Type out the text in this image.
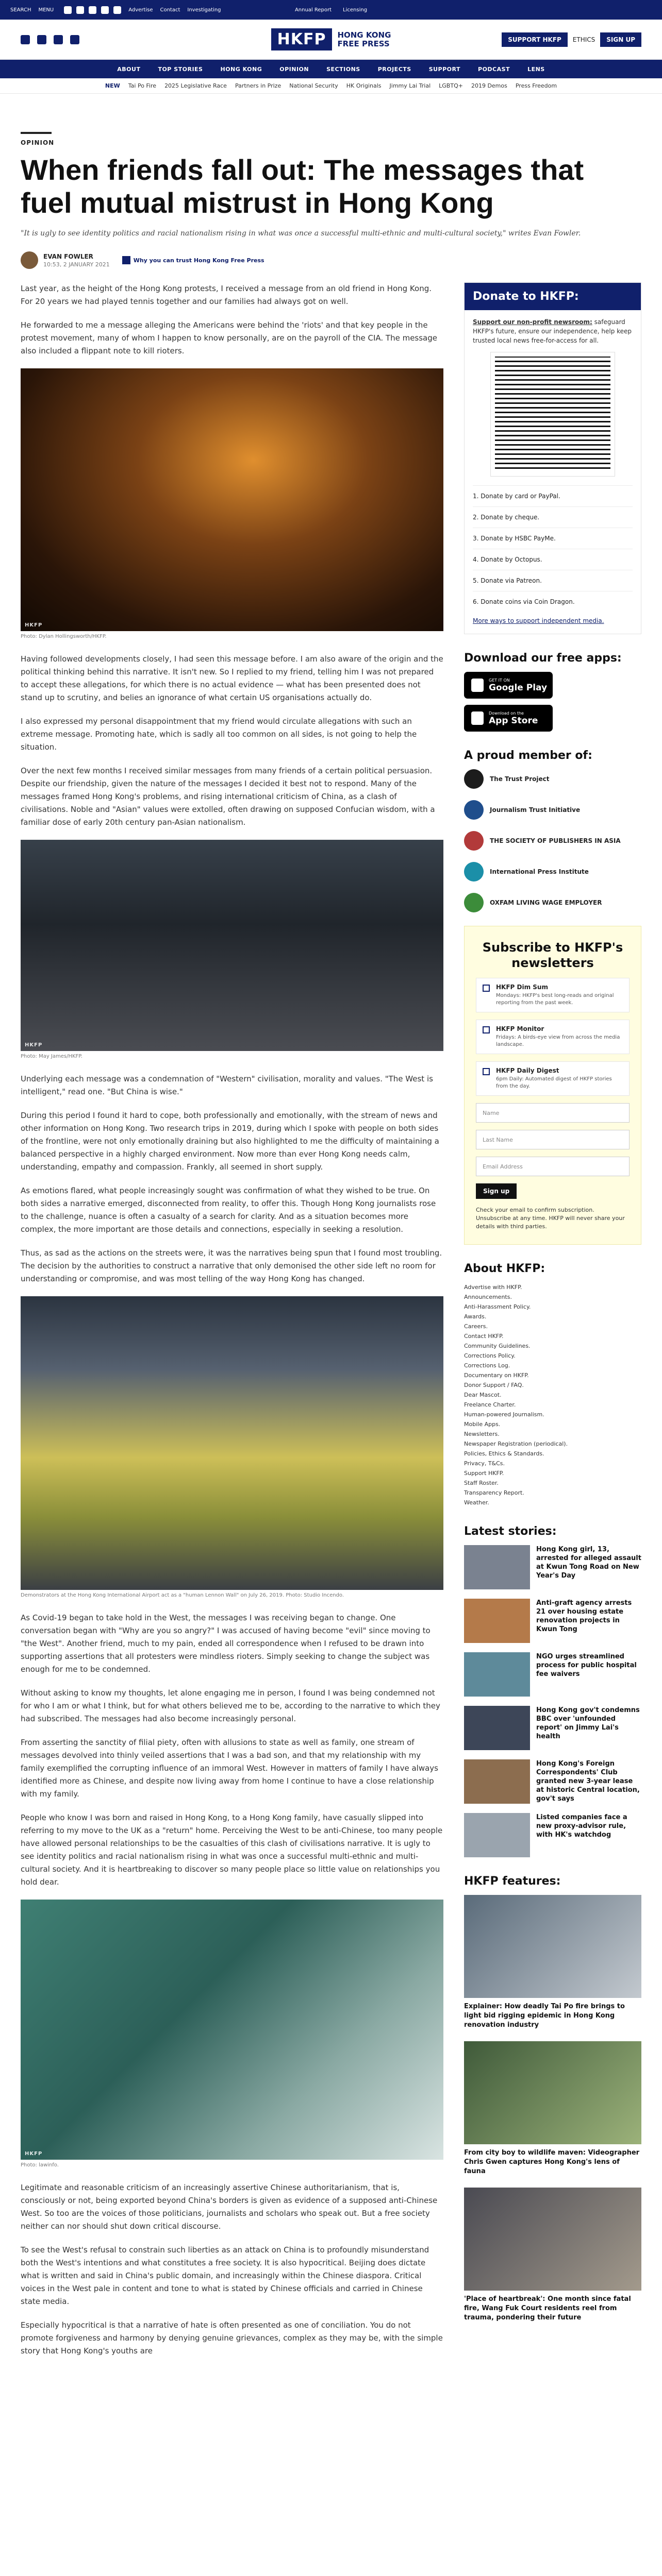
SEARCH MENU	Advertise Contact Investigating	Annual Report Licensing
HKFP	HONG KONG
FREE PRESS	SUPPORT HKFP	ETHICS	SIGN UP
ABOUT	TOP STORIES	HONG KONG	OPINION	SECTIONS	PROJECTS	SUPPORT	PODCAST	LENS
NEW Tai Po Fire 2025 Legislative Race Partners in Prize National Security HK Originals Jimmy Lai Trial LGBTQ+ 2019 Demos Press Freedom
OPINION
When friends fall out: The messages that fuel mutual mistrust in Hong Kong
"It is ugly to see identity politics and racial nationalism rising in what was once a successful multi-ethnic and multi-cultural society," writes Evan Fowler.
EVAN FOWLER
10:53, 2 JANUARY 2021
Why you can trust Hong Kong Free Press

Last year, as the height of the Hong Kong protests, I received a message from an old friend in Hong Kong. For 20 years we had played tennis together and our families had always got on well.

He forwarded to me a message alleging the Americans were behind the 'riots' and that key people in the protest movement, many of whom I happen to know personally, are on the payroll of the CIA. The message also included a flippant note to kill rioters.

HKFP
Photo: Dylan Hollingsworth/HKFP.

Having followed developments closely, I had seen this message before. I am also aware of the origin and the political thinking behind this narrative. It isn't new. So I replied to my friend, telling him I was not prepared to accept these allegations, for which there is no actual evidence — what has been presented does not stand up to scrutiny, and belies an ignorance of what certain US organisations actually do.

I also expressed my personal disappointment that my friend would circulate allegations with such an extreme message. Promoting hate, which is sadly all too common on all sides, is not going to help the situation.

Over the next few months I received similar messages from many friends of a certain political persuasion. Despite our friendship, given the nature of the messages I decided it best not to respond. Many of the messages framed Hong Kong's problems, and rising international criticism of China, as a clash of civilisations. Noble and "Asian" values were extolled, often drawing on supposed Confucian wisdom, with a familiar dose of early 20th century pan-Asian nationalism.

HKFP
Photo: May James/HKFP.

Underlying each message was a condemnation of "Western" civilisation, morality and values. "The West is intelligent," read one. "But China is wise."

During this period I found it hard to cope, both professionally and emotionally, with the stream of news and other information on Hong Kong. Two research trips in 2019, during which I spoke with people on both sides of the frontline, were not only emotionally draining but also highlighted to me the difficulty of maintaining a balanced perspective in a highly charged environment. Now more than ever Hong Kong needs calm, understanding, empathy and compassion. Frankly, all seemed in short supply.

As emotions flared, what people increasingly sought was confirmation of what they wished to be true. On both sides a narrative emerged, disconnected from reality, to offer this. Though Hong Kong journalists rose to the challenge, nuance is often a casualty of a search for clarity. And as a situation becomes more complex, the more important are those details and connections, especially in seeking a resolution.

Thus, as sad as the actions on the streets were, it was the narratives being spun that I found most troubling. The decision by the authorities to construct a narrative that only demonised the other side left no room for understanding or compromise, and was most telling of the way Hong Kong has changed.

Demonstrators at the Hong Kong International Airport act as a "human Lennon Wall" on July 26, 2019. Photo: Studio Incendo.

As Covid-19 began to take hold in the West, the messages I was receiving began to change. One conversation began with "Why are you so angry?" I was accused of having become "evil" since moving to "the West". Another friend, much to my pain, ended all correspondence when I refused to be drawn into supporting assertions that all protesters were mindless rioters. Simply seeking to change the subject was enough for me to be condemned.

Without asking to know my thoughts, let alone engaging me in person, I found I was being condemned not for who I am or what I think, but for what others believed me to be, according to the narrative to which they had subscribed. The messages had also become increasingly personal.

From asserting the sanctity of filial piety, often with allusions to state as well as family, one stream of messages devolved into thinly veiled assertions that I was a bad son, and that my relationship with my family exemplified the corrupting influence of an immoral West. However in matters of family I have always identified more as Chinese, and despite now living away from home I continue to have a close relationship with my family.

People who know I was born and raised in Hong Kong, to a Hong Kong family, have casually slipped into referring to my move to the UK as a "return" home. Perceiving the West to be anti-Chinese, too many people have allowed personal relationships to be the casualties of this clash of civilisations narrative. It is ugly to see identity politics and racial nationalism rising in what was once a successful multi-ethnic and multi-cultural society. And it is heartbreaking to discover so many people place so little value on relationships you hold dear.

HKFP
Photo: lawinfo.

Legitimate and reasonable criticism of an increasingly assertive Chinese authoritarianism, that is, consciously or not, being exported beyond China's borders is given as evidence of a supposed anti-Chinese West. So too are the voices of those politicians, journalists and scholars who speak out. But a free society neither can nor should shut down critical discourse.

To see the West's refusal to constrain such liberties as an attack on China is to profoundly misunderstand both the West's intentions and what constitutes a free society. It is also hypocritical. Beijing does dictate what is written and said in China's public domain, and increasingly within the Chinese diaspora. Critical voices in the West pale in content and tone to what is stated by Chinese officials and carried in Chinese state media.

Especially hypocritical is that a narrative of hate is often presented as one of conciliation. You do not promote forgiveness and harmony by denying genuine grievances, complex as they may be, with the simple story that Hong Kong's youths are

Donate to HKFP:
Support our non-profit newsroom: safeguard HKFP's future, ensure our independence, help keep trusted local news free-for-access for all.
1. Donate by card or PayPal.
2. Donate by cheque.
3. Donate by HSBC PayMe.
4. Donate by Octopus.
5. Donate via Patreon.
6. Donate coins via Coin Dragon.
More ways to support independent media.
Download our free apps:
GET IT ON
Google Play
Download on the
App Store
A proud member of:
The Trust Project
Journalism Trust Initiative
THE SOCIETY OF PUBLISHERS IN ASIA
International Press Institute
OXFAM LIVING WAGE EMPLOYER
Subscribe to HKFP's newsletters
HKFP Dim Sum
Mondays: HKFP's best long-reads and original reporting from the past week.
HKFP Monitor
Fridays: A birds-eye view from across the media landscape.
HKFP Daily Digest
6pm Daily: Automated digest of HKFP stories from the day.
Name
Last Name
Email Address
Sign up
Check your email to confirm subscription. Unsubscribe at any time. HKFP will never share your details with third parties.
About HKFP:
Advertise with HKFP.
Announcements.
Anti-Harassment Policy.
Awards.
Careers.
Contact HKFP.
Community Guidelines.
Corrections Policy.
Corrections Log.
Documentary on HKFP.
Donor Support / FAQ.
Dear Mascot.
Freelance Charter.
Human-powered Journalism.
Mobile Apps.
Newsletters.
Newspaper Registration (periodical).
Policies, Ethics & Standards.
Privacy, T&Cs.
Support HKFP.
Staff Roster.
Transparency Report.
Weather.
Latest stories:
Hong Kong girl, 13, arrested for alleged assault at Kwun Tong Road on New Year's Day
Anti-graft agency arrests 21 over housing estate renovation projects in Kwun Tong
NGO urges streamlined process for public hospital fee waivers
Hong Kong gov't condemns BBC over 'unfounded report' on Jimmy Lai's health
Hong Kong's Foreign Correspondents' Club granted new 3-year lease at historic Central location, gov't says
Listed companies face a new proxy-advisor rule, with HK's watchdog
HKFP features:
Explainer: How deadly Tai Po fire brings to light bid rigging epidemic in Hong Kong renovation industry
From city boy to wildlife maven: Videographer Chris Gwen captures Hong Kong's lens of fauna
'Place of heartbreak': One month since fatal fire, Wang Fuk Court residents reel from trauma, pondering their future
